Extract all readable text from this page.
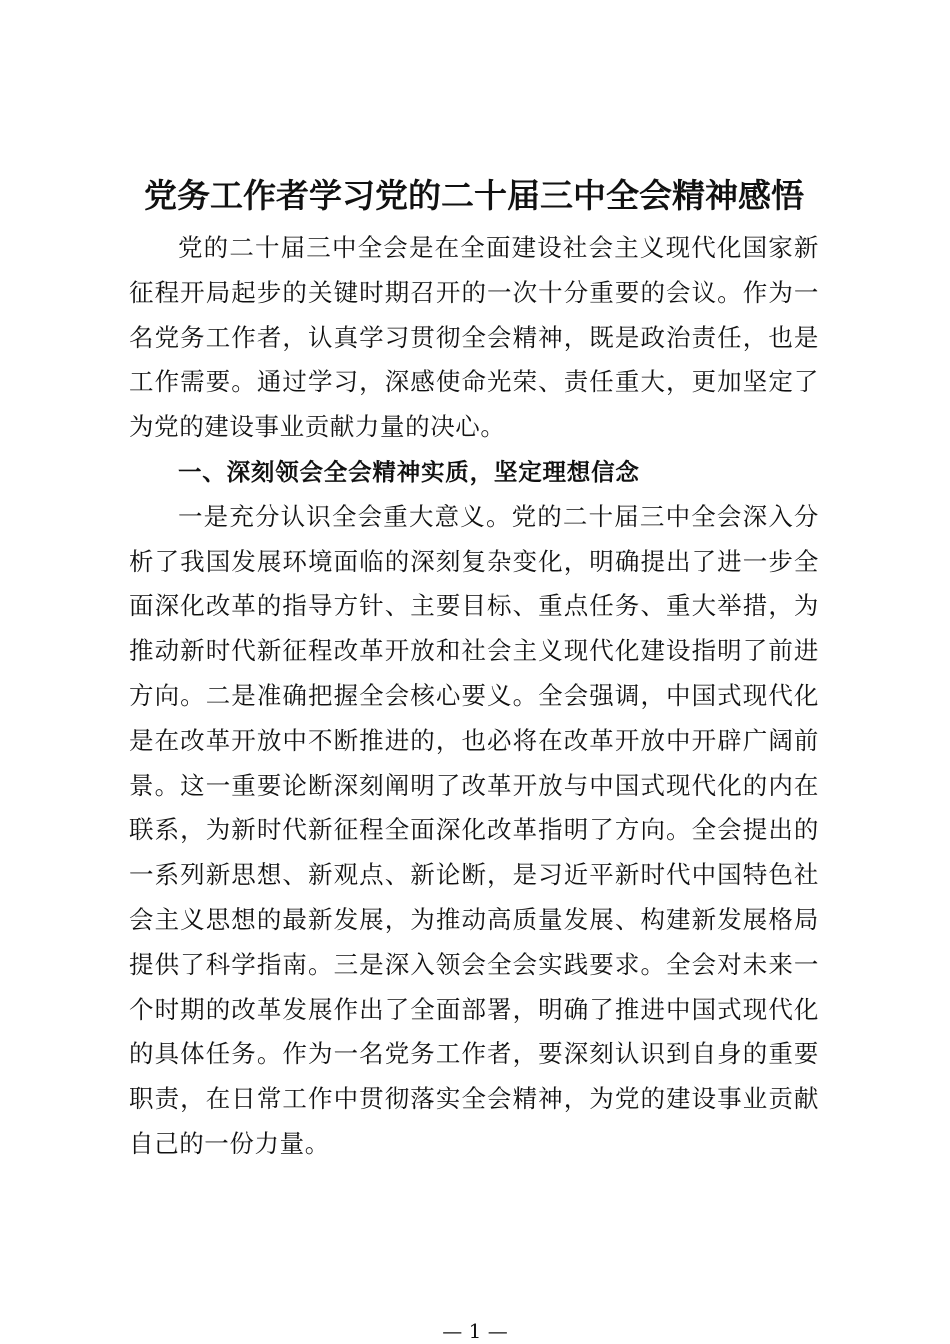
党务工作者学习党的二十届三中全会精神感悟

党的二十届三中全会是在全面建设社会主义现代化国家新征程开局起步的关键时期召开的一次十分重要的会议。作为一名党务工作者，认真学习贯彻全会精神，既是政治责任，也是工作需要。通过学习，深感使命光荣、责任重大，更加坚定了为党的建设事业贡献力量的决心。

一、深刻领会全会精神实质，坚定理想信念

一是充分认识全会重大意义。党的二十届三中全会深入分析了我国发展环境面临的深刻复杂变化，明确提出了进一步全面深化改革的指导方针、主要目标、重点任务、重大举措，为推动新时代新征程改革开放和社会主义现代化建设指明了前进方向。二是准确把握全会核心要义。全会强调，中国式现代化是在改革开放中不断推进的，也必将在改革开放中开辟广阔前景。这一重要论断深刻阐明了改革开放与中国式现代化的内在联系，为新时代新征程全面深化改革指明了方向。全会提出的一系列新思想、新观点、新论断，是习近平新时代中国特色社会主义思想的最新发展，为推动高质量发展、构建新发展格局提供了科学指南。三是深入领会全会实践要求。全会对未来一个时期的改革发展作出了全面部署，明确了推进中国式现代化的具体任务。作为一名党务工作者，要深刻认识到自身的重要职责，在日常工作中贯彻落实全会精神，为党的建设事业贡献自己的一份力量。

— 1 —
